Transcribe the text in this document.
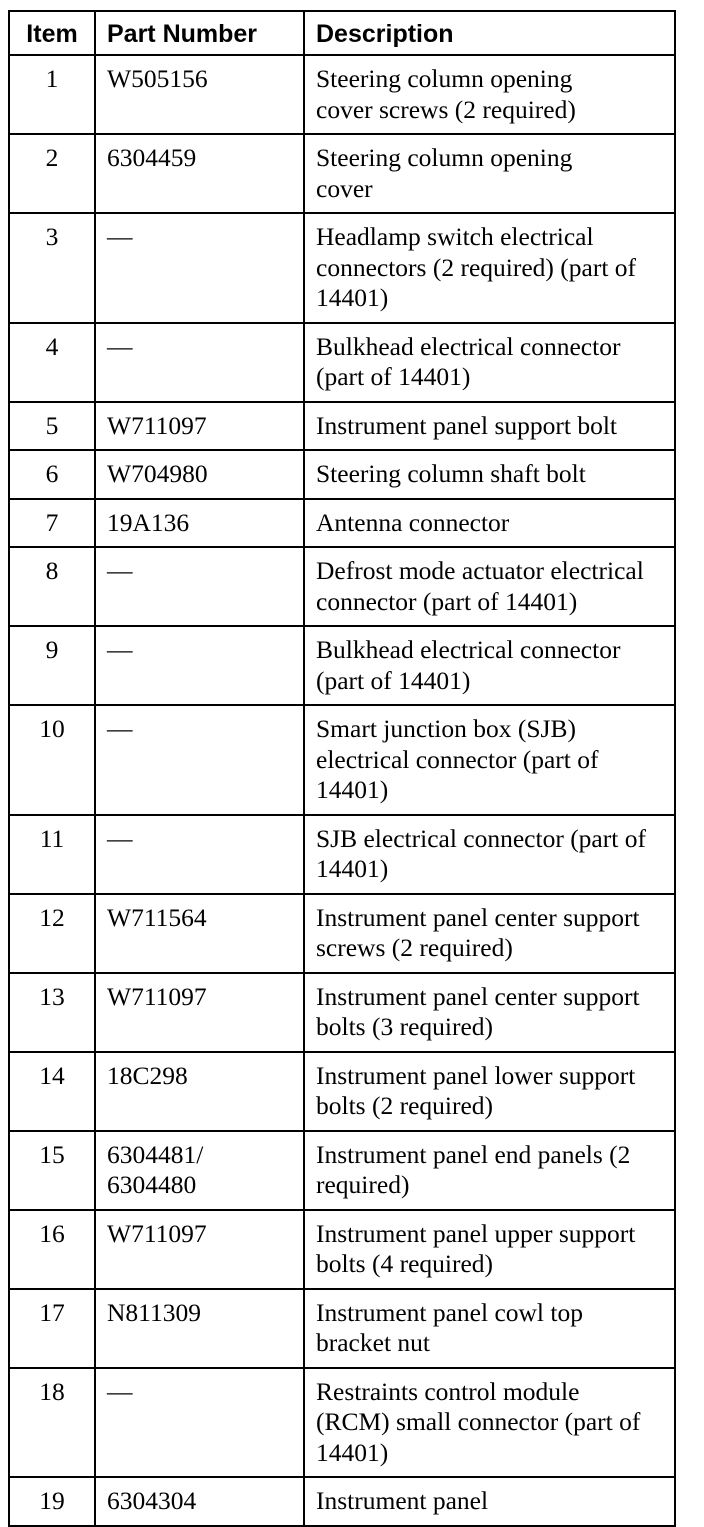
Item	Part Number	Description
1	W505156	Steering column opening cover screws (2 required)
2	6304459	Steering column opening cover
3	—	Headlamp switch electrical connectors (2 required) (part of 14401)
4	—	Bulkhead electrical connector (part of 14401)
5	W711097	Instrument panel support bolt
6	W704980	Steering column shaft bolt
7	19A136	Antenna connector
8	—	Defrost mode actuator electrical connector (part of 14401)
9	—	Bulkhead electrical connector (part of 14401)
10	—	Smart junction box (SJB) electrical connector (part of 14401)
11	—	SJB electrical connector (part of 14401)
12	W711564	Instrument panel center support screws (2 required)
13	W711097	Instrument panel center support bolts (3 required)
14	18C298	Instrument panel lower support bolts (2 required)
15	6304481/ 6304480	Instrument panel end panels (2 required)
16	W711097	Instrument panel upper support bolts (4 required)
17	N811309	Instrument panel cowl top bracket nut
18	—	Restraints control module (RCM) small connector (part of 14401)
19	6304304	Instrument panel
